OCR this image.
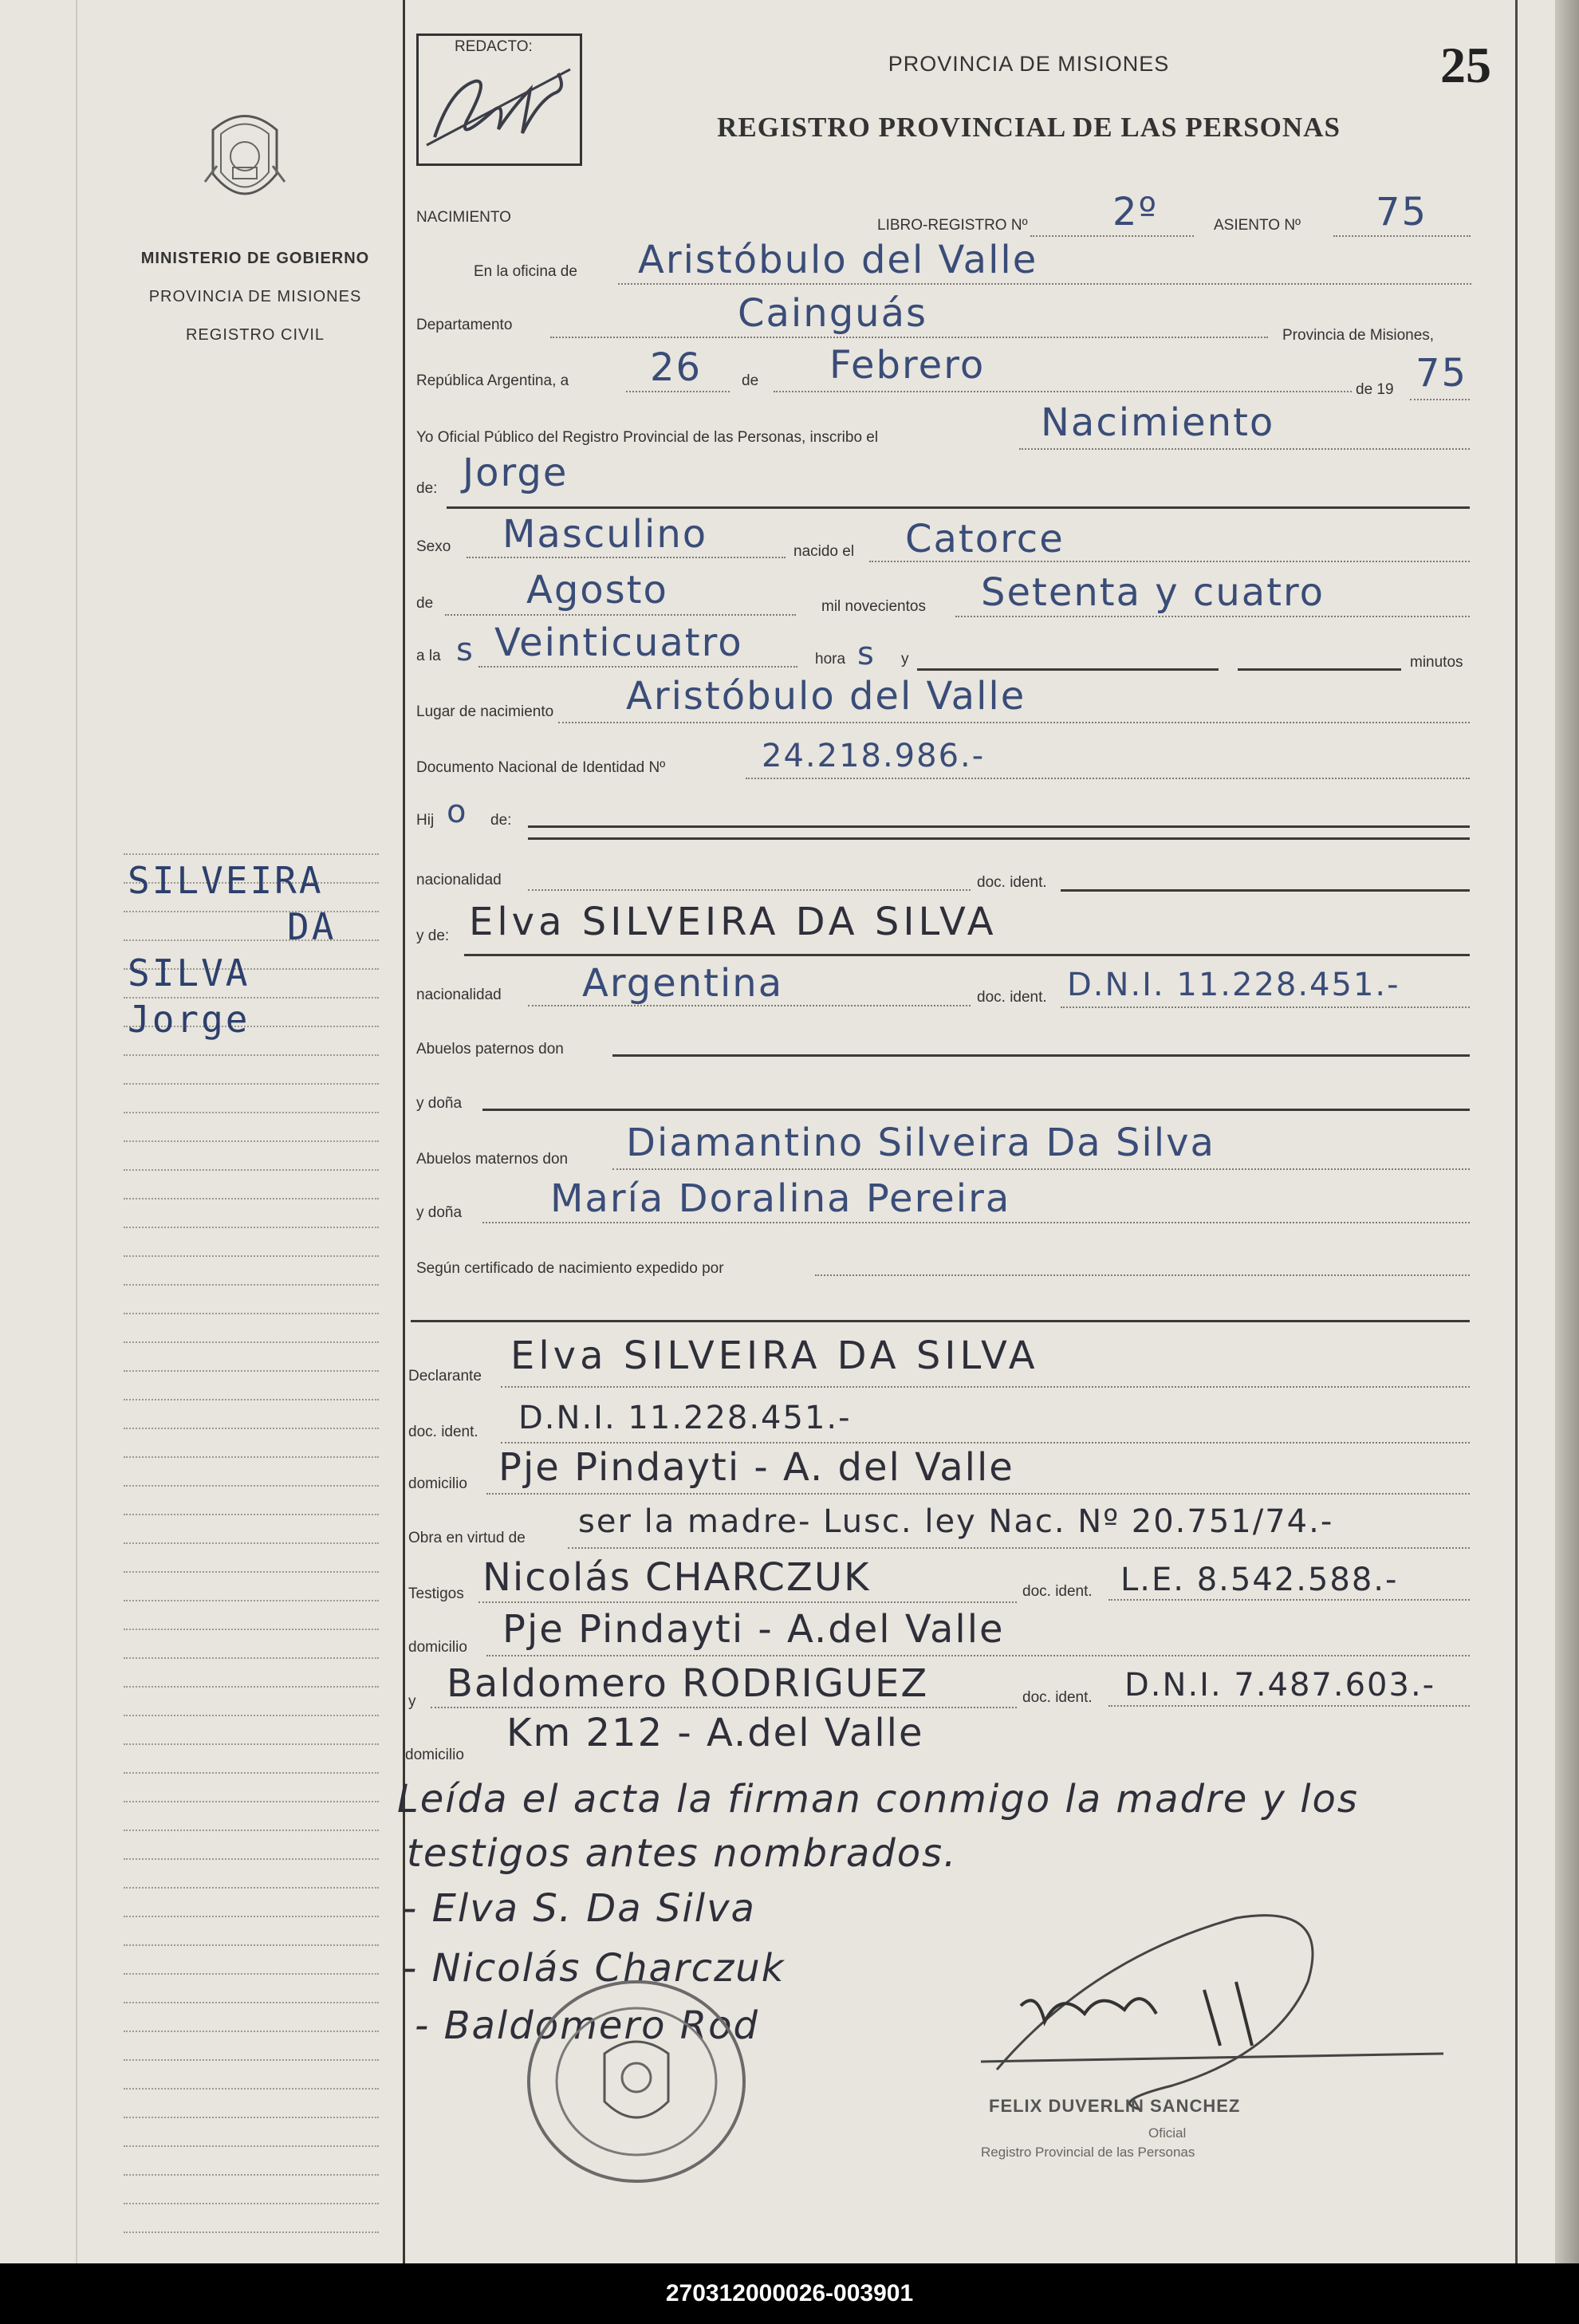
MINISTERIO DE GOBIERNO
PROVINCIA DE MISIONES
REGISTRO CIVIL
SILVEIRA
DA
SILVA Jorge
REDACTO:
PROVINCIA DE MISIONES
REGISTRO PROVINCIAL DE LAS PERSONAS
25
NACIMIENTO	LIBRO-REGISTRO Nº 2º	ASIENTO Nº 75
En la oficina de Aristóbulo del Valle
Departamento	Cainguás	Provincia de Misiones,
República Argentina, a 26	de Febrero
de 19 75
Yo Oficial Público del Registro Provincial de las Personas, inscribo el	Nacimiento
de: Jorge
Sexo Masculino	nacido el Catorce
de Agosto	mil novecientos Setenta y cuatro
a la s Veinticuatro	hora s y	minutos
Lugar de nacimiento Aristóbulo del Valle
Documento Nacional de Identidad Nº	24.218.986.-
Hij o de:
nacionalidad	doc. ident.
y de: Elva SILVEIRA DA SILVA
nacionalidad Argentina	doc. ident. D.N.I. 11.228.451.-
Abuelos paternos don
y doña
Abuelos maternos don Diamantino Silveira Da Silva
y doña María Doralina Pereira
Según certificado de nacimiento expedido por
Declarante Elva SILVEIRA DA SILVA
doc. ident. D.N.I. 11.228.451.-
domicilio Pje Pindayti - A. del Valle
Obra en virtud de ser la madre- Lusc. ley Nac. Nº 20.751/74.-
Testigos Nicolás CHARCZUK	doc. ident. L.E. 8.542.588.-
domicilio Pje Pindayti - A.del Valle
y Baldomero RODRIGUEZ	doc. ident. D.N.I. 7.487.603.-
domicilio Km 212 - A.del Valle
Leída el acta la firman conmigo la madre y los
testigos antes nombrados.
- Elva S. Da Silva
- Nicolás Charczuk
- Baldomero Rod
FELIX DUVERLIN SANCHEZ
Oficial
Registro Provincial de las Personas
270312000026-003901
